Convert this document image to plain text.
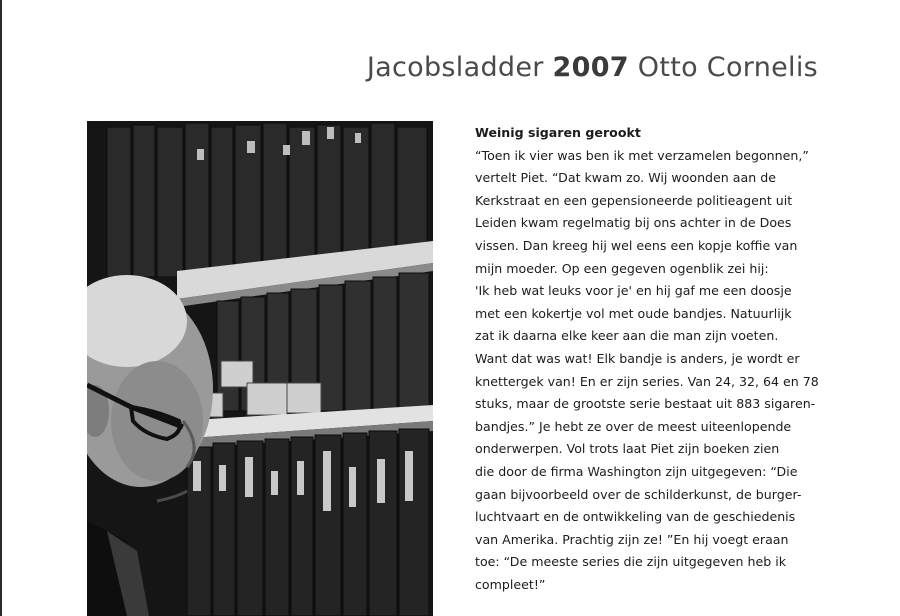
Jacobsladder 2007 Otto Cornelis
Weinig sigaren gerookt
“Toen ik vier was ben ik met verzamelen begonnen,”
vertelt Piet. “Dat kwam zo. Wij woonden aan de
Kerkstraat en een gepensioneerde politieagent uit
Leiden kwam regelmatig bij ons achter in de Does
vissen. Dan kreeg hij wel eens een kopje koffie van
mijn moeder. Op een gegeven ogenblik zei hij:
'Ik heb wat leuks voor je' en hij gaf me een doosje
met een kokertje vol met oude bandjes. Natuurlijk
zat ik daarna elke keer aan die man zijn voeten.
Want dat was wat! Elk bandje is anders, je wordt er
knettergek van! En er zijn series. Van 24, 32, 64 en 78
stuks, maar de grootste serie bestaat uit 883 sigaren-
bandjes.” Je hebt ze over de meest uiteenlopende
onderwerpen. Vol trots laat Piet zijn boeken zien
die door de firma Washington zijn uitgegeven: “Die
gaan bijvoorbeeld over de schilderkunst, de burger-
luchtvaart en de ontwikkeling van de geschiedenis
van Amerika. Prachtig zijn ze! ”En hij voegt eraan
toe: “De meeste series die zijn uitgegeven heb ik
compleet!”
